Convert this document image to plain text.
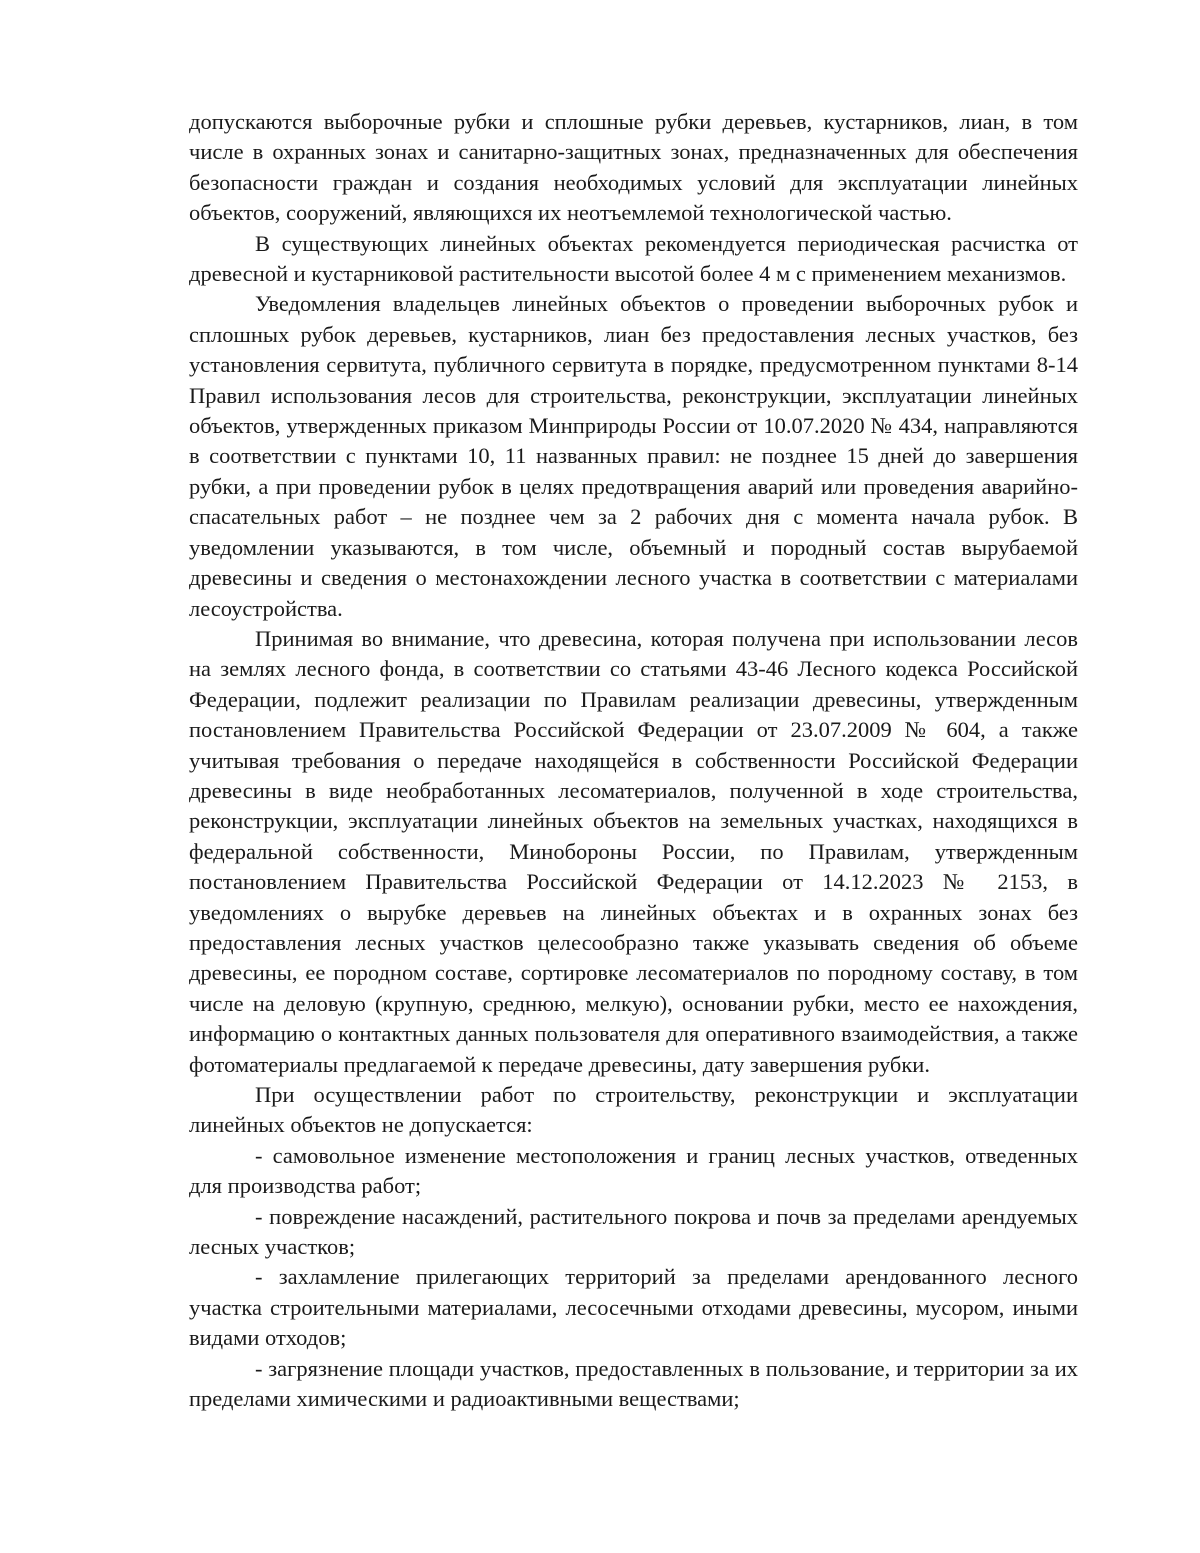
допускаются выборочные рубки и сплошные рубки деревьев, кустарников, лиан, в том числе в охранных зонах и санитарно-защитных зонах, предназначенных для обеспечения безопасности граждан и создания необходимых условий для эксплуатации линейных объектов, сооружений, являющихся их неотъемлемой технологической частью.

В существующих линейных объектах рекомендуется периодическая расчистка от древесной и кустарниковой растительности высотой более 4 м с применением механизмов.

Уведомления владельцев линейных объектов о проведении выборочных рубок и сплошных рубок деревьев, кустарников, лиан без предоставления лесных участков, без установления сервитута, публичного сервитута в порядке, предусмотренном пунктами 8-14 Правил использования лесов для строительства, реконструкции, эксплуатации линейных объектов, утвержденных приказом Минприроды России от 10.07.2020 № 434, направляются в соответствии с пунктами 10, 11 названных правил: не позднее 15 дней до завершения рубки, а при проведении рубок в целях предотвращения аварий или проведения аварийно-спасательных работ – не позднее чем за 2 рабочих дня с момента начала рубок. В уведомлении указываются, в том числе, объемный и породный состав вырубаемой древесины и сведения о местонахождении лесного участка в соответствии с материалами лесоустройства.

Принимая во внимание, что древесина, которая получена при использовании лесов на землях лесного фонда, в соответствии со статьями 43-46 Лесного кодекса Российской Федерации, подлежит реализации по Правилам реализации древесины, утвержденным постановлением Правительства Российской Федерации от 23.07.2009 № 604, а также учитывая требования о передаче находящейся в собственности Российской Федерации древесины в виде необработанных лесоматериалов, полученной в ходе строительства, реконструкции, эксплуатации линейных объектов на земельных участках, находящихся в федеральной собственности, Минобороны России, по Правилам, утвержденным постановлением Правительства Российской Федерации от 14.12.2023 № 2153, в уведомлениях о вырубке деревьев на линейных объектах и в охранных зонах без предоставления лесных участков целесообразно также указывать сведения об объеме древесины, ее породном составе, сортировке лесоматериалов по породному составу, в том числе на деловую (крупную, среднюю, мелкую), основании рубки, место ее нахождения, информацию о контактных данных пользователя для оперативного взаимодействия, а также фотоматериалы предлагаемой к передаче древесины, дату завершения рубки.

При осуществлении работ по строительству, реконструкции и эксплуатации линейных объектов не допускается:

- самовольное изменение местоположения и границ лесных участков, отведенных для производства работ;

- повреждение насаждений, растительного покрова и почв за пределами арендуемых лесных участков;

- захламление прилегающих территорий за пределами арендованного лесного участка строительными материалами, лесосечными отходами древесины, мусором, иными видами отходов;

- загрязнение площади участков, предоставленных в пользование, и территории за их пределами химическими и радиоактивными веществами;
